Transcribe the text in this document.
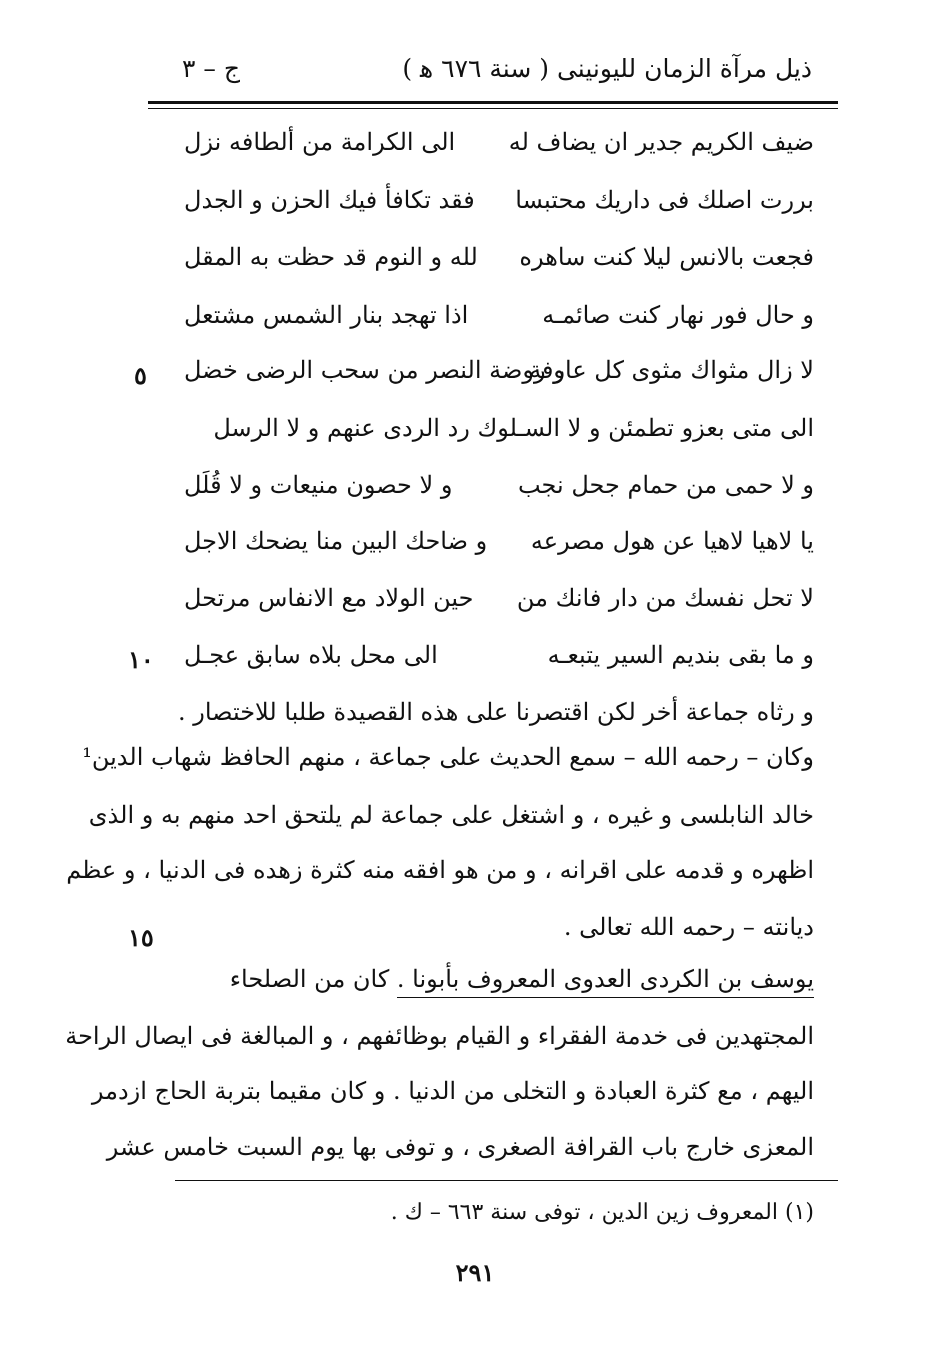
ذيل مرآة الزمان لليونينى ( سنة ٦٧٦ ﻫ )
ج – ٣
ضيف الكريم جدير ان يضاف له
الى الكرامة من ألطافه نزل
بررت اصلك فى داريك محتبسا
فقد تكافأ فيك الحزن و الجدل
فجعت بالانس ليلا كنت ساهره
لله و النوم قد حظت به المقل
و حال فور نهار كنت صائمـه
اذا تهجد بنار الشمس مشتعل
لا زال مثواك مثوى كل عارفة
و روضة النصر من سحب الرضى خضل
الى متى بعزو تطمئن و لا السـلوك رد الردى عنهم و لا الرسل
و لا حمى من حمام جحل نجب
و لا حصون منيعات و لا قُلَل
يا لاهيا لاهيا عن هول مصرعه
و ضاحك البين منا يضحك الاجل
لا تحل نفسك من دار فانك من
حين الولاد مع الانفاس مرتحل
و ما بقى بنديم السير يتبعـه
الى محل بلاه سابق عجـل
و رثاه جماعة أخر لكن اقتصرنا على هذه القصيدة طلبا للاختصار .
وكان – رحمه الله – سمع الحديث على جماعة ، منهم الحافظ شهاب الدين¹
خالد النابلسى و غيره ، و اشتغل على جماعة لم يلتحق احد منهم به و الذى
اظهره و قدمه على اقرانه ، و من هو افقه منه كثرة زهده فى الدنيا ، و عظم
ديانته – رحمه الله تعالى .
يوسف بن الكردى العدوى المعروف بأبونا . كان من الصلحاء
المجتهدين فى خدمة الفقراء و القيام بوظائفهم ، و المبالغة فى ايصال الراحة
اليهم ، مع كثرة العبادة و التخلى من الدنيا . و كان مقيما بتربة الحاج ازدمر
المعزى خارج باب القرافة الصغرى ، و توفى بها يوم السبت خامس عشر
٥
١٠
١٥
(١) المعروف زين الدين ، توفى سنة ٦٦٣ – ك .
٢٩١
